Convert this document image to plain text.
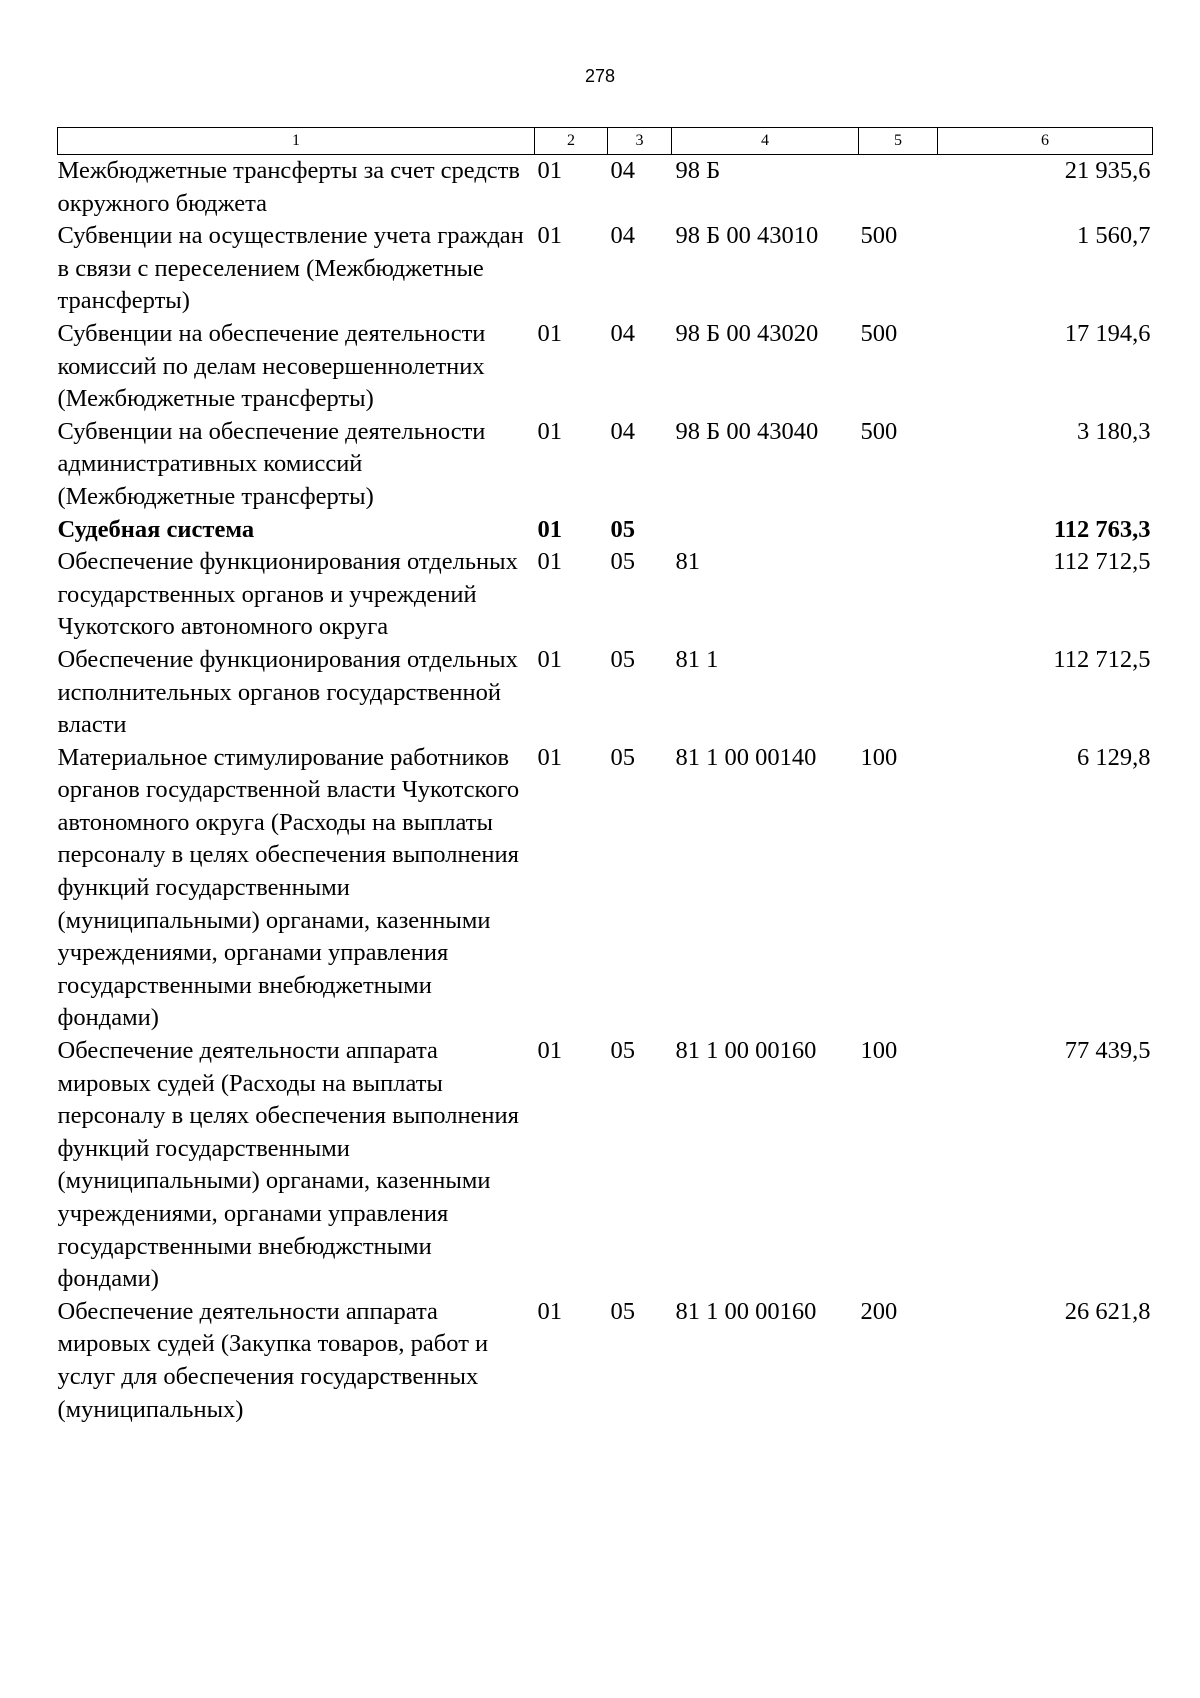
278
1	2	3	4	5	6
Межбюджетные трансферты за счет средств окружного бюджета	01	04	98 Б		21 935,6
Субвенции на осуществление учета граждан в связи с переселением (Межбюджетные трансферты)	01	04	98 Б 00 43010	500	1 560,7
Субвенции на обеспечение деятельности комиссий по делам несовершеннолетних (Межбюджетные трансферты)	01	04	98 Б 00 43020	500	17 194,6
Субвенции на обеспечение деятельности административных комиссий (Межбюджетные трансферты)	01	04	98 Б 00 43040	500	3 180,3
Судебная система	01	05			112 763,3
Обеспечение функционирования отдельных государственных органов и учреждений Чукотского автономного округа	01	05	81		112 712,5
Обеспечение функционирования отдельных исполнительных органов государственной власти	01	05	81 1		112 712,5
Материальное стимулирование работников органов государственной власти Чукотского автономного округа (Расходы на выплаты персоналу в целях обеспечения выполнения функций государственными (муниципальными) органами, казенными учреждениями, органами управления государственными внебюджетными фондами)	01	05	81 1 00 00140	100	6 129,8
Обеспечение деятельности аппарата мировых судей (Расходы на выплаты персоналу в целях обеспечения выполнения функций государственными (муниципальными) органами, казенными учреждениями, органами управления государственными внебюджстными фондами)	01	05	81 1 00 00160	100	77 439,5
Обеспечение деятельности аппарата мировых судей (Закупка товаров, работ и услуг для обеспечения государственных (муниципальных)	01	05	81 1 00 00160	200	26 621,8
